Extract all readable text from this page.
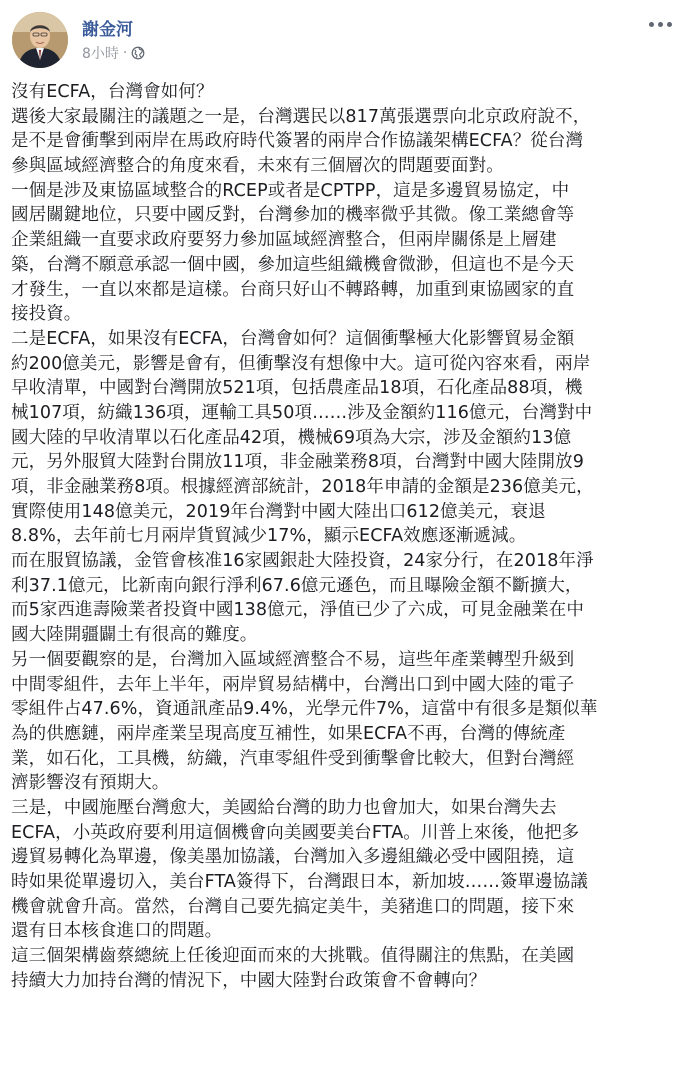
謝金河
8小時 ·
沒有ECFA，台灣會如何？
選後大家最關注的議題之一是，台灣選民以817萬張選票向北京政府說不，
是不是會衝擊到兩岸在馬政府時代簽署的兩岸合作協議架構ECFA？從台灣
參與區域經濟整合的角度來看，未來有三個層次的問題要面對。
一個是涉及東協區域整合的RCEP或者是CPTPP，這是多邊貿易協定，中
國居關鍵地位，只要中國反對，台灣參加的機率微乎其微。像工業總會等
企業組織一直要求政府要努力參加區域經濟整合，但兩岸關係是上層建
築，台灣不願意承認一個中國，參加這些組織機會微渺，但這也不是今天
才發生，一直以來都是這樣。台商只好山不轉路轉，加重到東協國家的直
接投資。
二是ECFA，如果沒有ECFA，台灣會如何？這個衝擊極大化影響貿易金額
約200億美元，影響是會有，但衝擊沒有想像中大。這可從內容來看，兩岸
早收清單，中國對台灣開放521項，包括農產品18項，石化產品88項，機
械107項，紡織136項，運輸工具50項……涉及金額約116億元，台灣對中
國大陸的早收清單以石化產品42項，機械69項為大宗，涉及金額約13億
元，另外服貿大陸對台開放11項，非金融業務8項，台灣對中國大陸開放9
項，非金融業務8項。根據經濟部統計，2018年申請的金額是236億美元，
實際使用148億美元，2019年台灣對中國大陸出口612億美元，衰退
8.8%，去年前七月兩岸貨貿減少17%，顯示ECFA效應逐漸遞減。
而在服貿協議，金管會核准16家國銀赴大陸投資，24家分行，在2018年淨
利37.1億元，比新南向銀行淨利67.6億元遜色，而且曝險金額不斷擴大，
而5家西進壽險業者投資中國138億元，淨值已少了六成，可見金融業在中
國大陸開疆闢土有很高的難度。
另一個要觀察的是，台灣加入區域經濟整合不易，這些年產業轉型升級到
中間零組件，去年上半年，兩岸貿易結構中，台灣出口到中國大陸的電子
零組件占47.6%，資通訊產品9.4%，光學元件7%，這當中有很多是類似華
為的供應鏈，兩岸產業呈現高度互補性，如果ECFA不再，台灣的傳統產
業，如石化，工具機，紡織，汽車零組件受到衝擊會比較大，但對台灣經
濟影響沒有預期大。
三是，中國施壓台灣愈大，美國給台灣的助力也會加大，如果台灣失去
ECFA，小英政府要利用這個機會向美國要美台FTA。川普上來後，他把多
邊貿易轉化為單邊，像美墨加協議，台灣加入多邊組織必受中國阻撓，這
時如果從單邊切入，美台FTA簽得下，台灣跟日本，新加坡……簽單邊協議
機會就會升高。當然，台灣自己要先搞定美牛，美豬進口的問題，接下來
還有日本核食進口的問題。
這三個架構齒蔡總統上任後迎面而來的大挑戰。值得關注的焦點，在美國
持續大力加持台灣的情況下，中國大陸對台政策會不會轉向？
